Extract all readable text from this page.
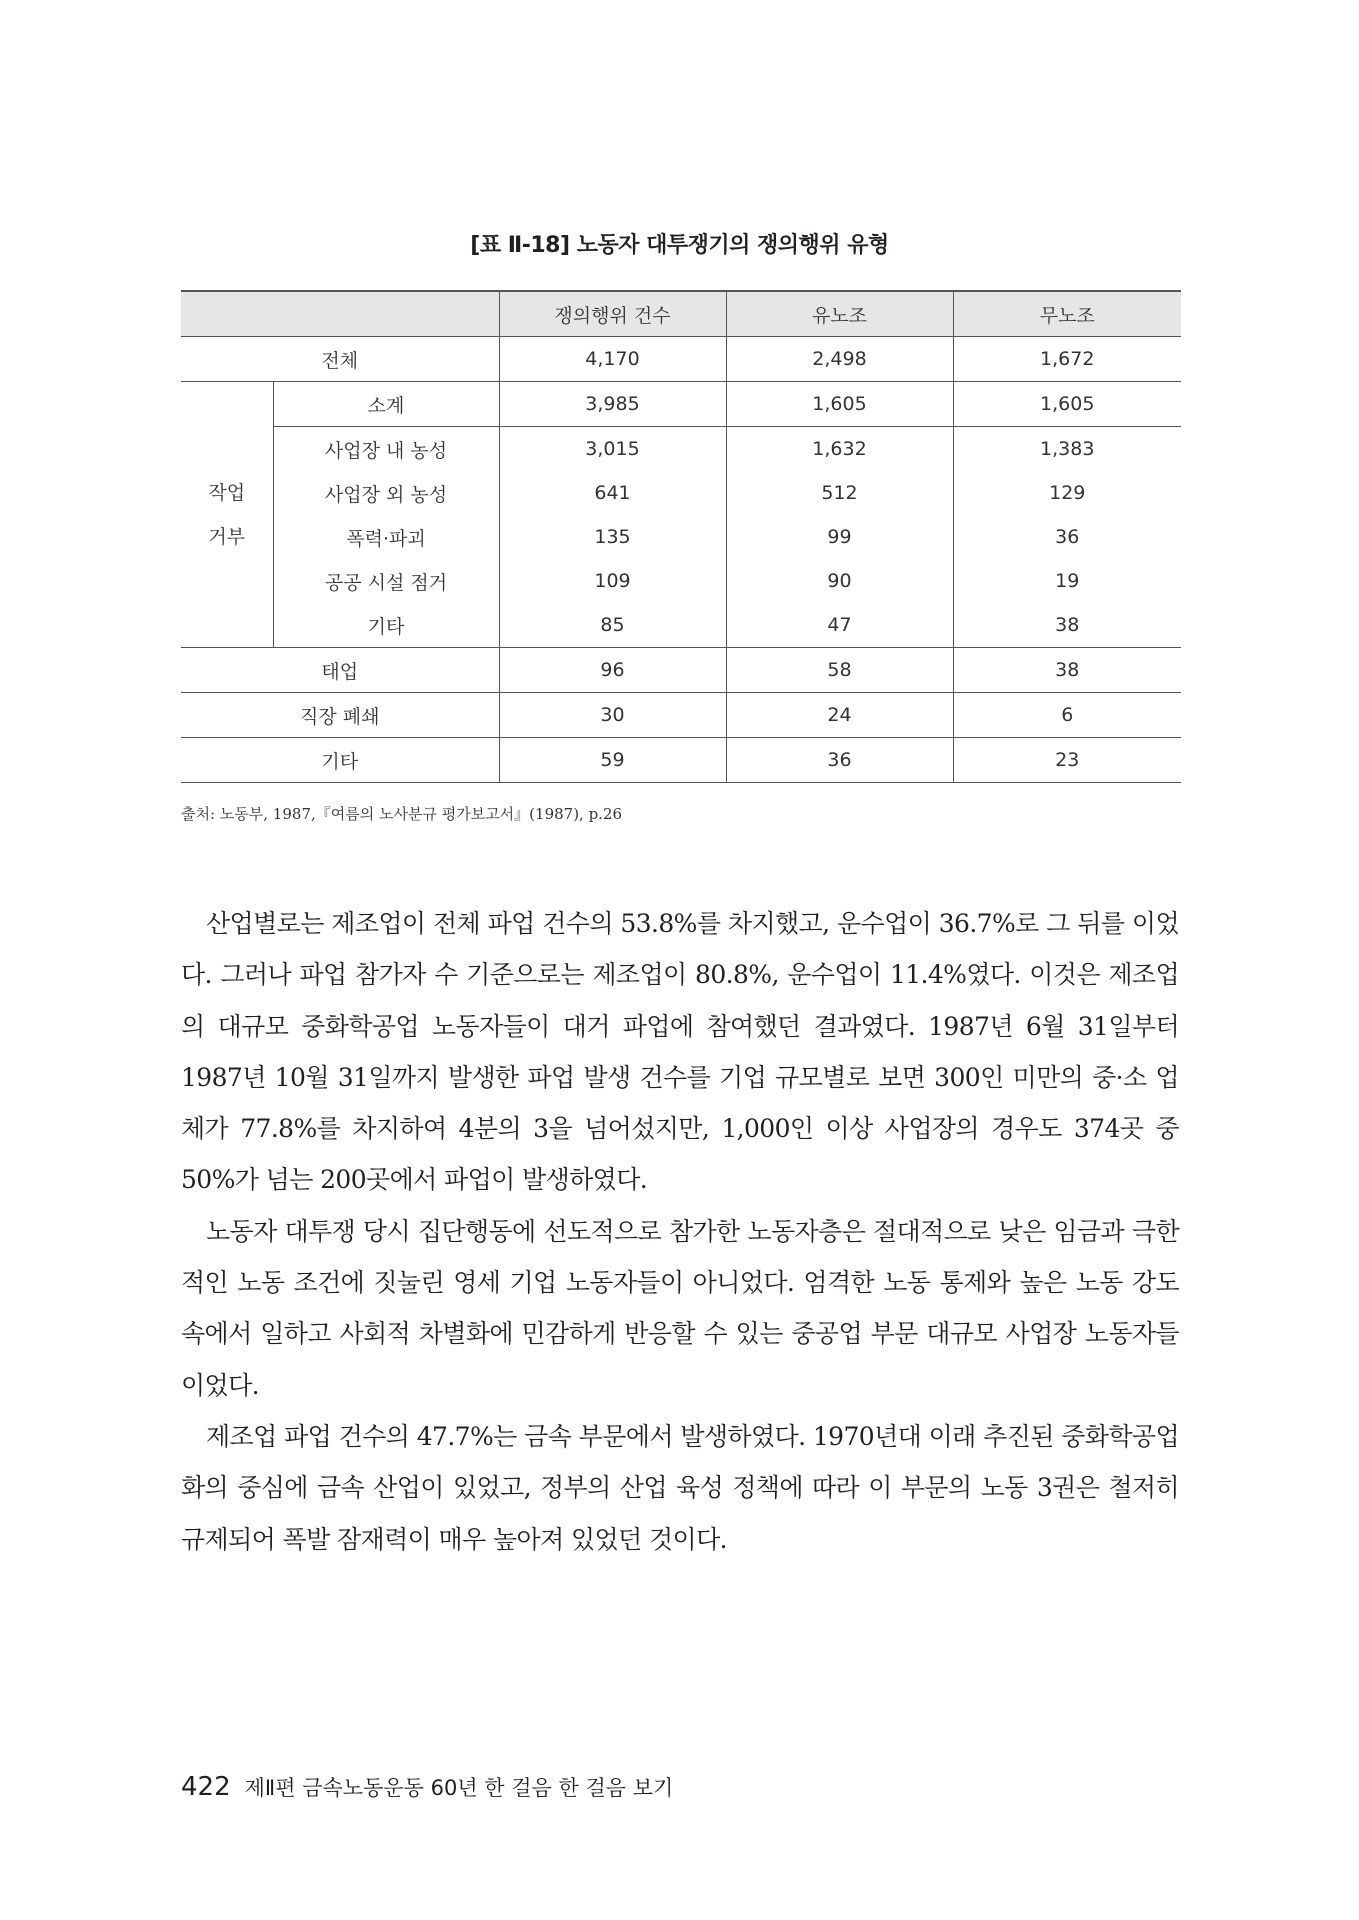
[표 Ⅱ-18] 노동자 대투쟁기의 쟁의행위 유형
		쟁의행위 건수	유노조	무노조
전체		4,170	2,498	1,672
작업
거부	소계	3,985	1,605	1,605
	사업장 내 농성	3,015	1,632	1,383
	사업장 외 농성	641	512	129
	폭력·파괴	135	99	36
	공공 시설 점거	109	90	19
	기타	85	47	38
태업		96	58	38
직장 폐쇄		30	24	6
기타		59	36	23
출처: 노동부, 1987,『여름의 노사분규 평가보고서』(1987), p.26

산업별로는 제조업이 전체 파업 건수의 53.8%를 차지했고, 운수업이 36.7%로 그 뒤를 이었다. 그러나 파업 참가자 수 기준으로는 제조업이 80.8%, 운수업이 11.4%였다. 이것은 제조업의 대규모 중화학공업 노동자들이 대거 파업에 참여했던 결과였다. 1987년 6월 31일부터 1987년 10월 31일까지 발생한 파업 발생 건수를 기업 규모별로 보면 300인 미만의 중·소 업체가 77.8%를 차지하여 4분의 3을 넘어섰지만, 1,000인 이상 사업장의 경우도 374곳 중 50%가 넘는 200곳에서 파업이 발생하였다.

노동자 대투쟁 당시 집단행동에 선도적으로 참가한 노동자층은 절대적으로 낮은 임금과 극한적인 노동 조건에 짓눌린 영세 기업 노동자들이 아니었다. 엄격한 노동 통제와 높은 노동 강도 속에서 일하고 사회적 차별화에 민감하게 반응할 수 있는 중공업 부문 대규모 사업장 노동자들이었다.

제조업 파업 건수의 47.7%는 금속 부문에서 발생하였다. 1970년대 이래 추진된 중화학공업화의 중심에 금속 산업이 있었고, 정부의 산업 육성 정책에 따라 이 부문의 노동 3권은 철저히 규제되어 폭발 잠재력이 매우 높아져 있었던 것이다.

422 제Ⅱ편 금속노동운동 60년 한 걸음 한 걸음 보기
